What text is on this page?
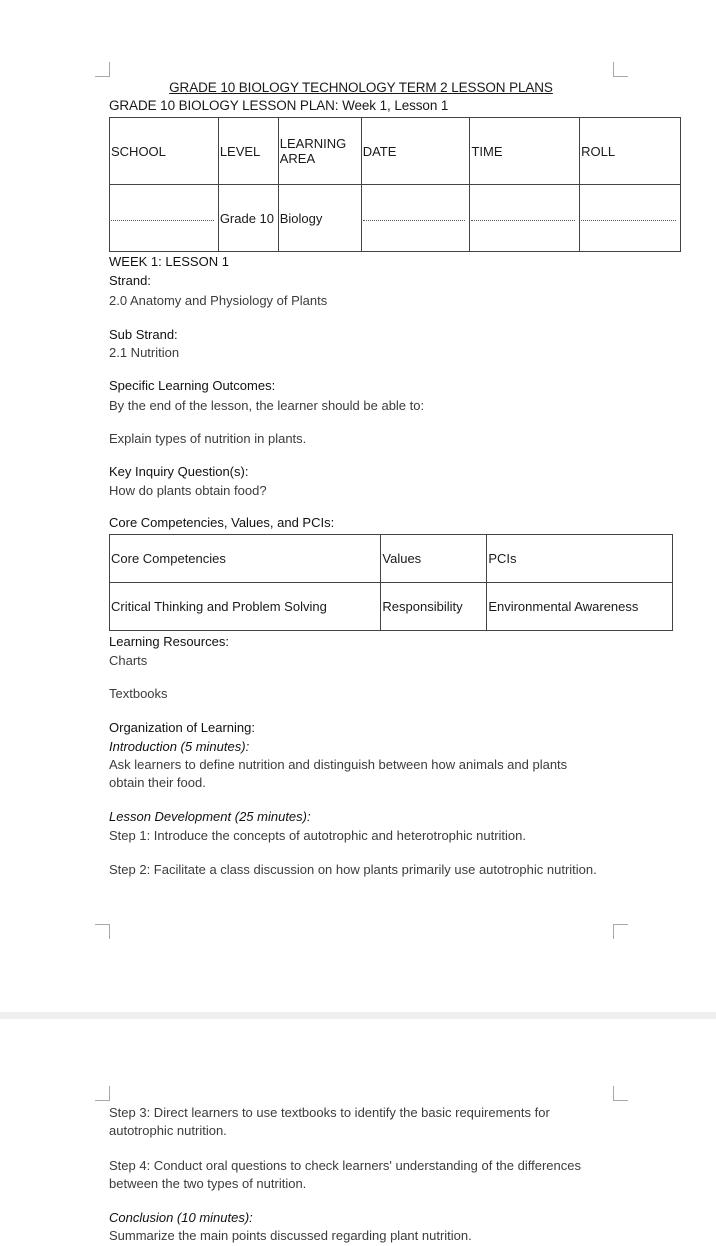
GRADE 10 BIOLOGY TECHNOLOGY TERM 2 LESSON PLANS
GRADE 10 BIOLOGY LESSON PLAN: Week 1, Lesson 1
SCHOOL	LEVEL	LEARNING AREA	DATE	TIME	ROLL

	Grade 10	Biology	

WEEK 1: LESSON 1
Strand:
2.0 Anatomy and Physiology of Plants
Sub Strand:
2.1 Nutrition
Specific Learning Outcomes:
By the end of the lesson, the learner should be able to:
Explain types of nutrition in plants.
Key Inquiry Question(s):
How do plants obtain food?
Core Competencies, Values, and PCIs:
Core Competencies	Values	PCIs
Critical Thinking and Problem Solving	Responsibility	Environmental Awareness
Learning Resources:
Charts
Textbooks
Organization of Learning:
Introduction (5 minutes):
Ask learners to define nutrition and distinguish between how animals and plants obtain their food.
Lesson Development (25 minutes):
Step 1: Introduce the concepts of autotrophic and heterotrophic nutrition.
Step 2: Facilitate a class discussion on how plants primarily use autotrophic nutrition.
Step 3: Direct learners to use textbooks to identify the basic requirements for autotrophic nutrition.
Step 4: Conduct oral questions to check learners' understanding of the differences between the two types of nutrition.
Conclusion (10 minutes):
Summarize the main points discussed regarding plant nutrition.
